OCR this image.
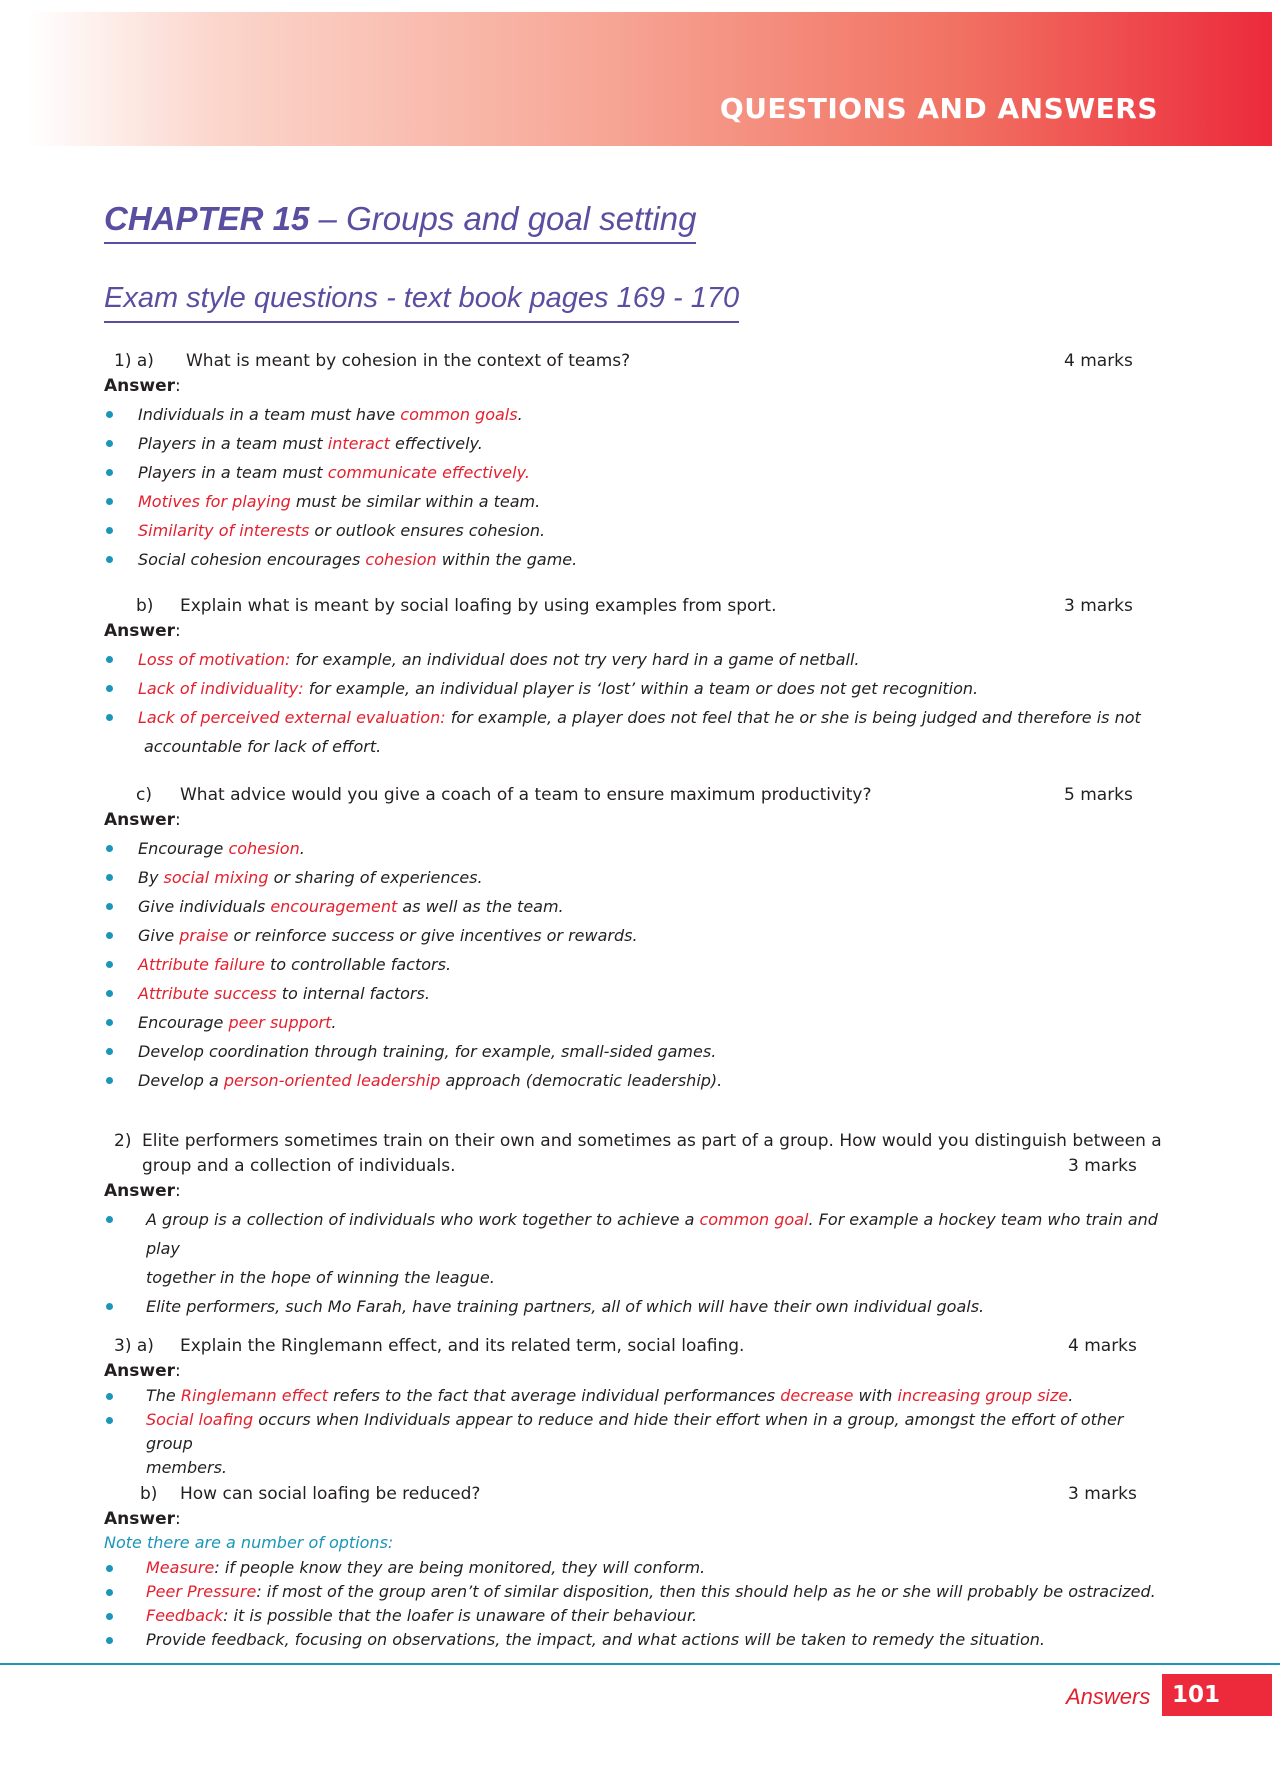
QUESTIONS AND ANSWERS
CHAPTER 15 – Groups and goal setting
Exam style questions - text book pages 169 - 170
1) a) What is meant by cohesion in the context of teams?	4 marks
Answer:
Individuals in a team must have common goals.
Players in a team must interact effectively.
Players in a team must communicate effectively.
Motives for playing must be similar within a team.
Similarity of interests or outlook ensures cohesion.
Social cohesion encourages cohesion within the game.
b) Explain what is meant by social loafing by using examples from sport.	3 marks
Answer:
Loss of motivation: for example, an individual does not try very hard in a game of netball.
Lack of individuality: for example, an individual player is ‘lost’ within a team or does not get recognition.
Lack of perceived external evaluation: for example, a player does not feel that he or she is being judged and therefore is not
accountable for lack of effort.
c) What advice would you give a coach of a team to ensure maximum productivity?	5 marks
Answer:
Encourage cohesion.
By social mixing or sharing of experiences.
Give individuals encouragement as well as the team.
Give praise or reinforce success or give incentives or rewards.
Attribute failure to controllable factors.
Attribute success to internal factors.
Encourage peer support.
Develop coordination through training, for example, small-sided games.
Develop a person-oriented leadership approach (democratic leadership).
2) Elite performers sometimes train on their own and sometimes as part of a group. How would you distinguish between a
group and a collection of individuals.	3 marks
Answer:
A group is a collection of individuals who work together to achieve a common goal. For example a hockey team who train and play
together in the hope of winning the league.
Elite performers, such Mo Farah, have training partners, all of which will have their own individual goals.
3) a) Explain the Ringlemann effect, and its related term, social loafing.	4 marks
Answer:
The Ringlemann effect refers to the fact that average individual performances decrease with increasing group size.
Social loafing occurs when Individuals appear to reduce and hide their effort when in a group, amongst the effort of other group
members.
b) How can social loafing be reduced?	3 marks
Answer:
Note there are a number of options:
Measure: if people know they are being monitored, they will conform.
Peer Pressure: if most of the group aren’t of similar disposition, then this should help as he or she will probably be ostracized.
Feedback: it is possible that the loafer is unaware of their behaviour.
Provide feedback, focusing on observations, the impact, and what actions will be taken to remedy the situation.
Answers 101
